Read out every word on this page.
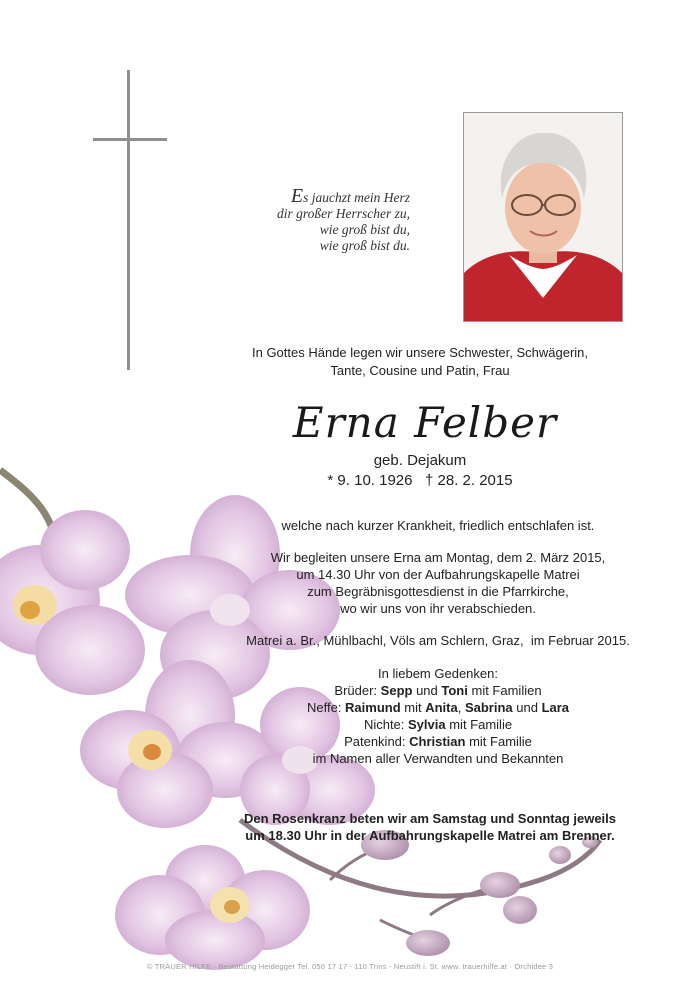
Es jauchzt mein Herz
dir großer Herrscher zu,
wie groß bist du,
wie groß bist du.
In Gottes Hände legen wir unsere Schwester, Schwägerin,
Tante, Cousine und Patin, Frau
Erna Felber
geb. Dejakum
* 9. 10. 1926   † 28. 2. 2015
welche nach kurzer Krankheit, friedlich entschlafen ist.
Wir begleiten unsere Erna am Montag, dem 2. März 2015,
um 14.30 Uhr von der Aufbahrungskapelle Matrei
zum Begräbnisgottesdienst in die Pfarrkirche,
wo wir uns von ihr verabschieden.
Matrei a. Br., Mühlbachl, Völs am Schlern, Graz,  im Februar 2015.
In liebem Gedenken:
Brüder: Sepp und Toni mit Familien
Neffe: Raimund mit Anita, Sabrina und Lara
Nichte: Sylvia mit Familie
Patenkind: Christian mit Familie
im Namen aller Verwandten und Bekannten
Den Rosenkranz beten wir am Samstag und Sonntag jeweils
um 18.30 Uhr in der Aufbahrungskapelle Matrei am Brenner.
© TRAUER HILFE · Bestattung Heidegger Tel. 050 17 17 - 110 Trins - Neustift i. St. www. trauerhilfe.at · Orchidee 3
